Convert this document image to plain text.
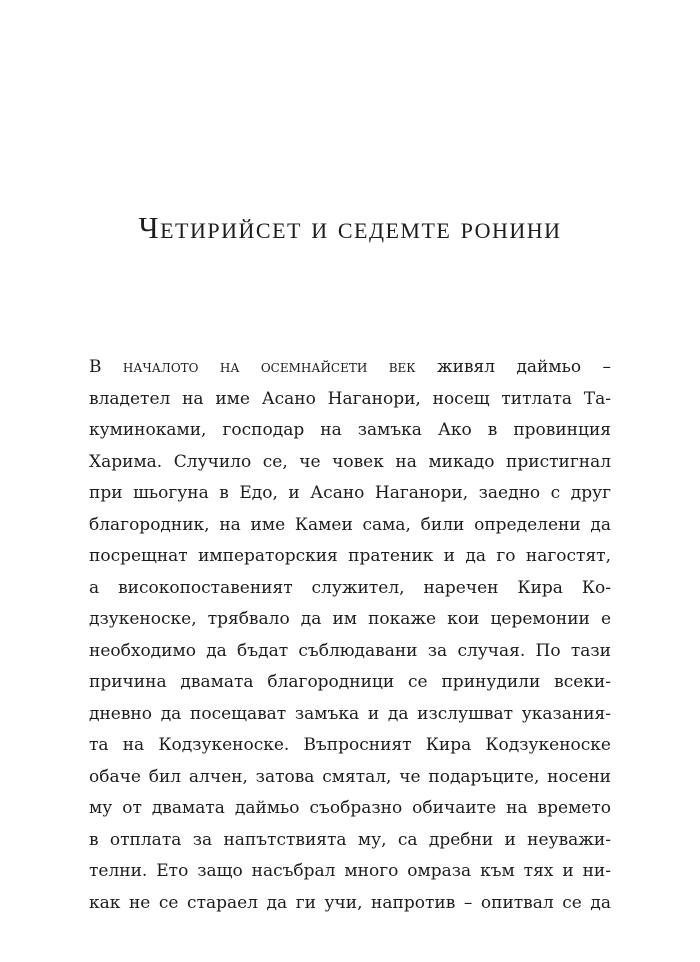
Четирийсет и седемте ронини
В началото на осемнайсети век живял даймьо –
владетел на име Асано Наганори, носещ титлата Та-
куминоками, господар на замъка Ако в провинция
Харима. Случило се, че човек на микадо пристигнал
при шьогуна в Едо, и Асано Наганори, заедно с друг
благородник, на име Камеи сама, били определени да
посрещнат императорския пратеник и да го нагостят,
а високопоставеният служител, наречен Кира Ко-
дзукеноске, трябвало да им покаже кои церемонии е
необходимо да бъдат съблюдавани за случая. По тази
причина двамата благородници се принудили всеки-
дневно да посещават замъка и да изслушват указания-
та на Кодзукеноске. Въпросният Кира Кодзукеноске
обаче бил алчен, затова смятал, че подаръците, носени
му от двамата даймьо съобразно обичаите на времето
в отплата за напътствията му, са дребни и неуважи-
телни. Ето защо насъбрал много омраза към тях и ни-
как не се стараел да ги учи, напротив – опитвал се да
